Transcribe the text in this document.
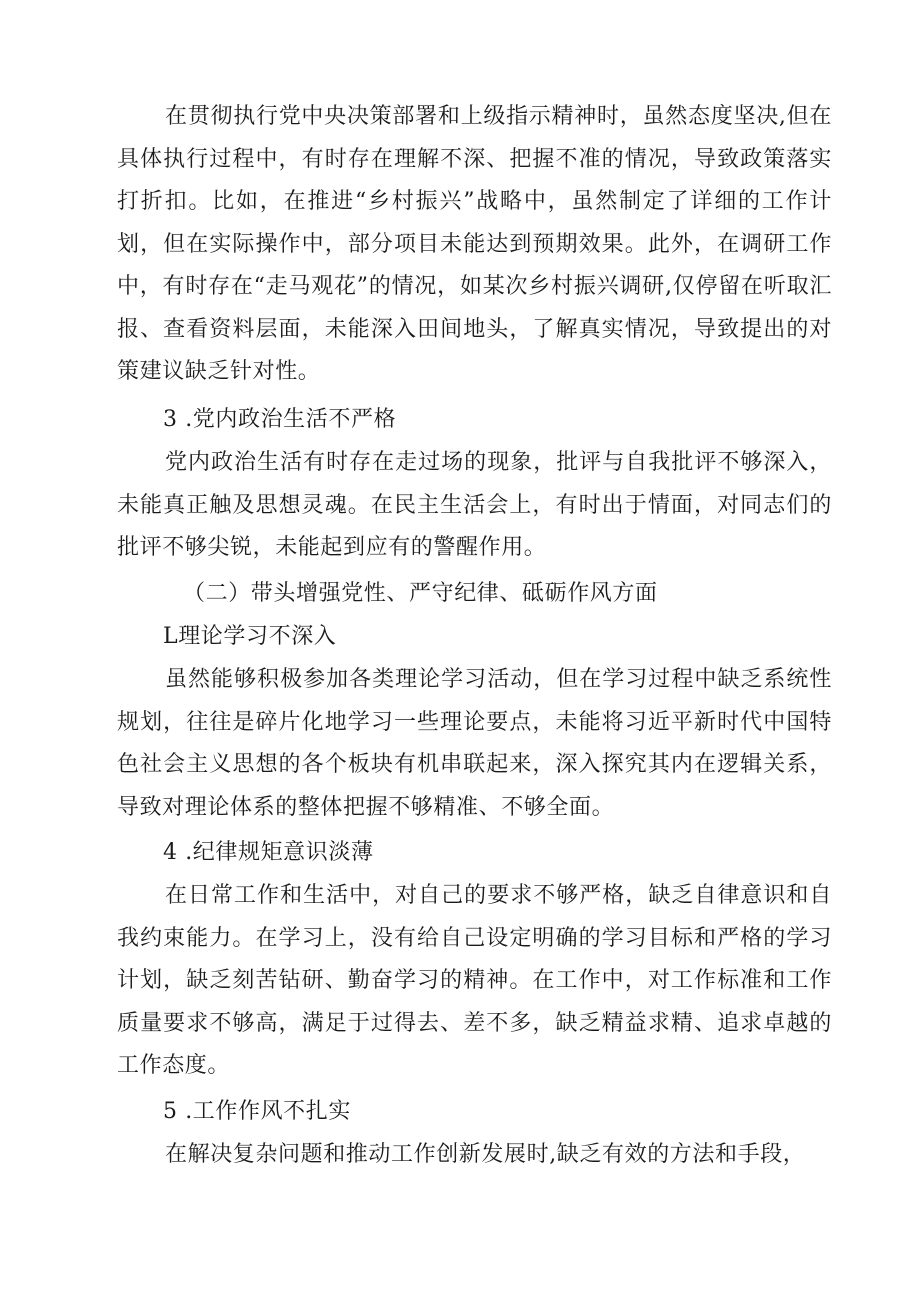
在贯彻执行党中央决策部署和上级指示精神时，虽然态度坚决,但在具体执行过程中，有时存在理解不深、把握不准的情况，导致政策落实打折扣。比如，在推进“乡村振兴”战略中，虽然制定了详细的工作计划，但在实际操作中，部分项目未能达到预期效果。此外，在调研工作中，有时存在“走马观花”的情况，如某次乡村振兴调研,仅停留在听取汇报、查看资料层面，未能深入田间地头，了解真实情况，导致提出的对策建议缺乏针对性。

3 .党内政治生活不严格

党内政治生活有时存在走过场的现象，批评与自我批评不够深入，未能真正触及思想灵魂。在民主生活会上，有时出于情面，对同志们的批评不够尖锐，未能起到应有的警醒作用。

（二）带头增强党性、严守纪律、砥砺作风方面

L理论学习不深入

虽然能够积极参加各类理论学习活动，但在学习过程中缺乏系统性规划，往往是碎片化地学习一些理论要点，未能将习近平新时代中国特色社会主义思想的各个板块有机串联起来，深入探究其内在逻辑关系，导致对理论体系的整体把握不够精准、不够全面。

4 .纪律规矩意识淡薄

在日常工作和生活中，对自己的要求不够严格，缺乏自律意识和自我约束能力。在学习上，没有给自己设定明确的学习目标和严格的学习计划，缺乏刻苦钻研、勤奋学习的精神。在工作中，对工作标准和工作质量要求不够高，满足于过得去、差不多，缺乏精益求精、追求卓越的工作态度。

5 .工作作风不扎实

在解决复杂问题和推动工作创新发展时,缺乏有效的方法和手段，
